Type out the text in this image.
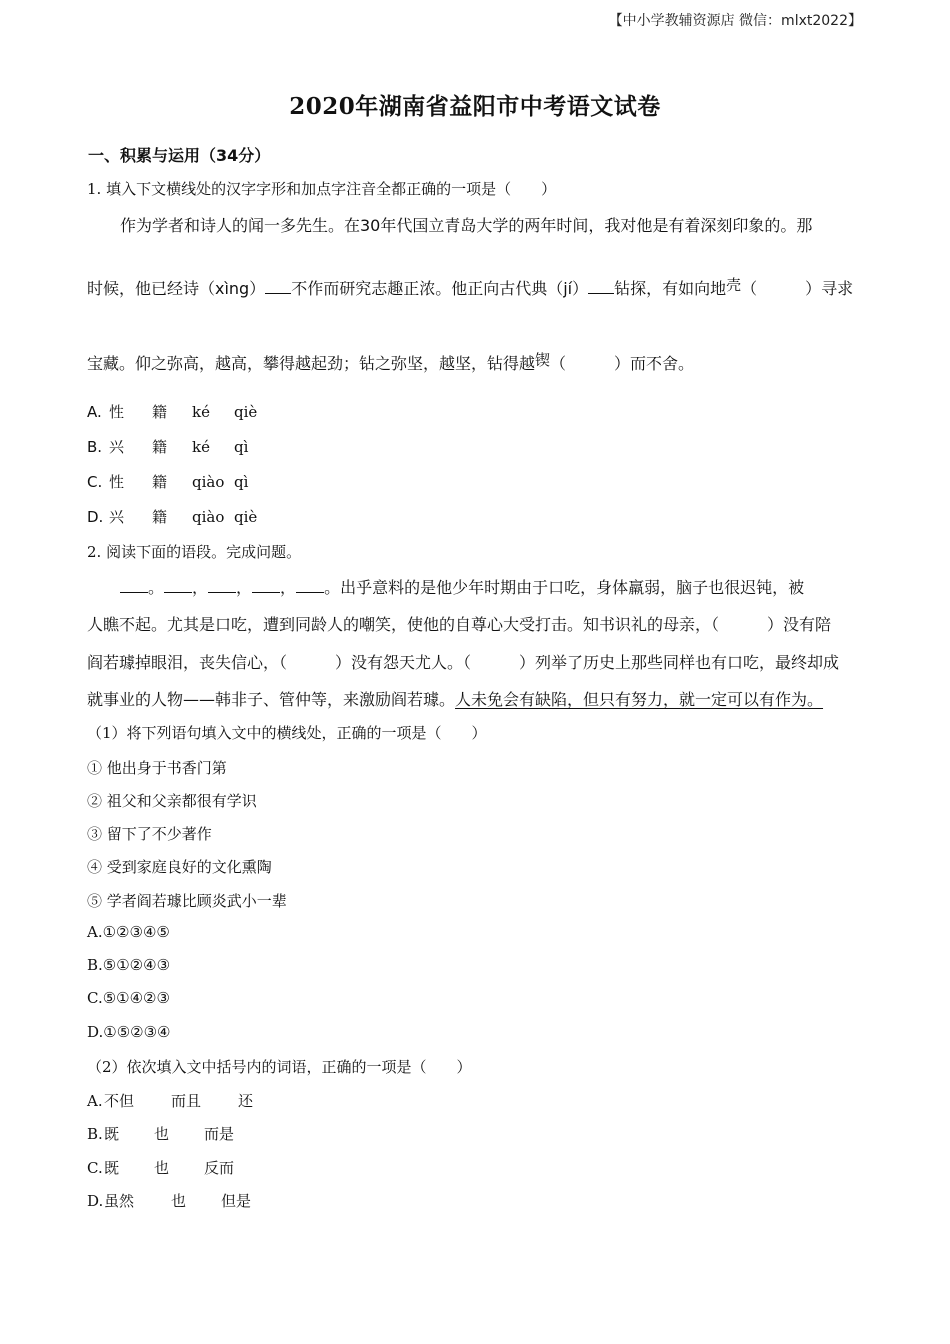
【中小学教辅资源店 微信：mlxt2022】
2020年湖南省益阳市中考语文试卷
一、积累与运用（34分）
1. 填入下文横线处的汉字字形和加点字注音全都正确的一项是（　　）
作为学者和诗人的闻一多先生。在30年代国立青岛大学的两年时间，我对他是有着深刻印象的。那
时候，他已经诗（xìng） 不作而研究志趣正浓。他正向古代典（jí） 钻探，有如向地壳（　　　）寻求
宝藏。仰之弥高，越高，攀得越起劲；钻之弥坚，越坚，钻得越锲（　　　）而不舍。
A. 性 籍 ké qiè
B. 兴 籍 ké qì
C. 性 籍 qiào qì
D. 兴 籍 qiào qiè
2. 阅读下面的语段。完成问题。
。 ， ， ， 。出乎意料的是他少年时期由于口吃，身体羸弱，脑子也很迟钝，被
人瞧不起。尤其是口吃，遭到同龄人的嘲笑，使他的自尊心大受打击。知书识礼的母亲，（　　　）没有陪
阎若璩掉眼泪，丧失信心，（　　　）没有怨天尤人。（　　　）列举了历史上那些同样也有口吃，最终却成
就事业的人物——韩非子、管仲等，来激励阎若璩。人未免会有缺陷，但只有努力，就一定可以有作为。
（1）将下列语句填入文中的横线处，正确的一项是（　　）
① 他出身于书香门第
② 祖父和父亲都很有学识
③ 留下了不少著作
④ 受到家庭良好的文化熏陶
⑤ 学者阎若璩比顾炎武小一辈
A.①②③④⑤
B.⑤①②④③
C.⑤①④②③
D.①⑤②③④
（2）依次填入文中括号内的词语，正确的一项是（　　）
A.不但 而且 还
B.既 也 而是
C.既 也 反而
D.虽然 也 但是
